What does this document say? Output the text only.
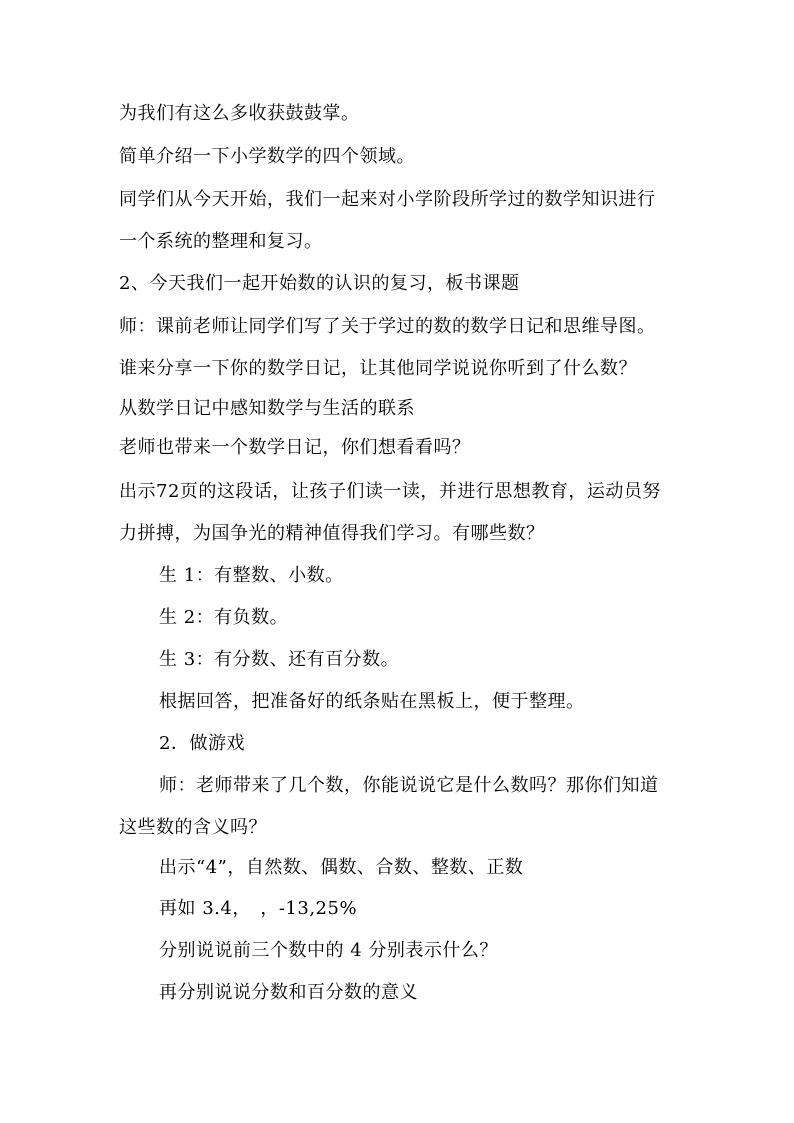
为我们有这么多收获鼓鼓掌。
简单介绍一下小学数学的四个领域。
同学们从今天开始，我们一起来对小学阶段所学过的数学知识进行
一个系统的整理和复习。
2、今天我们一起开始数的认识的复习，板书课题
师：课前老师让同学们写了关于学过的数的数学日记和思维导图。
谁来分享一下你的数学日记，让其他同学说说你听到了什么数？
从数学日记中感知数学与生活的联系
老师也带来一个数学日记，你们想看看吗？
出示72页的这段话，让孩子们读一读，并进行思想教育，运动员努
力拼搏，为国争光的精神值得我们学习。有哪些数？
生 1：有整数、小数。
生 2：有负数。
生 3：有分数、还有百分数。
根据回答，把准备好的纸条贴在黑板上，便于整理。
2．做游戏
师：老师带来了几个数，你能说说它是什么数吗？那你们知道
这些数的含义吗？
出示“4”，自然数、偶数、合数、整数、正数
再如 3.4，　，-13,25%
分别说说前三个数中的 4 分别表示什么？
再分别说说分数和百分数的意义
